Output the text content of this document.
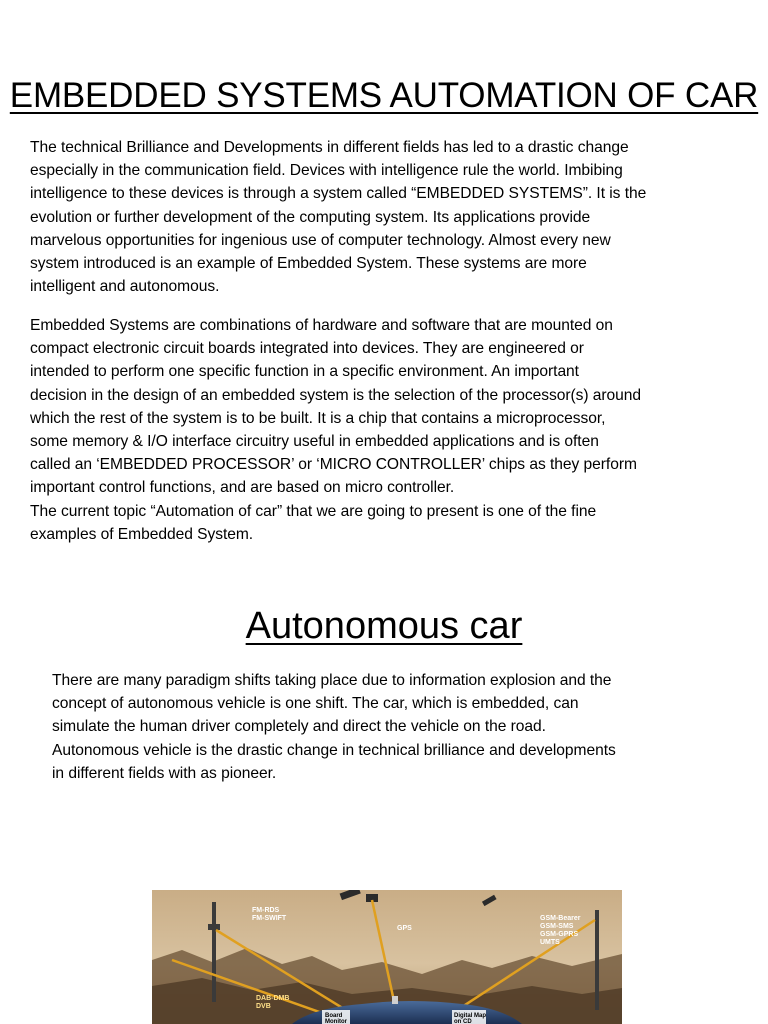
EMBEDDED SYSTEMS AUTOMATION OF CAR
The technical Brilliance and Developments in different fields has led to a drastic change
especially in the communication field. Devices with intelligence rule the world. Imbibing
intelligence to these devices is through a system called “EMBEDDED SYSTEMS”. It is the
evolution or further development of the computing system. Its applications provide
marvelous opportunities for ingenious use of computer technology. Almost every new
system introduced is an example of Embedded System. These systems are more
intelligent and autonomous.
Embedded Systems are combinations of hardware and software that are mounted on
compact electronic circuit boards integrated into devices. They are engineered or
intended to perform one specific function in a specific environment. An important
decision in the design of an embedded system is the selection of the processor(s) around
which the rest of the system is to be built. It is a chip that contains a microprocessor,
some memory & I/O interface circuitry useful in embedded applications and is often
called an ‘EMBEDDED PROCESSOR’ or ‘MICRO CONTROLLER’ chips as they perform
important control functions, and are based on micro controller.
The current topic “Automation of car” that we are going to present is one of the fine
examples of Embedded System.
Autonomous car
There are many paradigm shifts taking place due to information explosion and the
concept of autonomous vehicle is one shift. The car, which is embedded, can
simulate the human driver completely and direct the vehicle on the road.
Autonomous vehicle is the drastic change in technical brilliance and developments
in different fields with as pioneer.
FM-RDS
FM-SWIFT
GPS
GSM-Bearer
GSM-SMS
GSM-GPRS
UMTS
DAB-DMB
DVB
Board
Monitor
Digital Map
on CD
